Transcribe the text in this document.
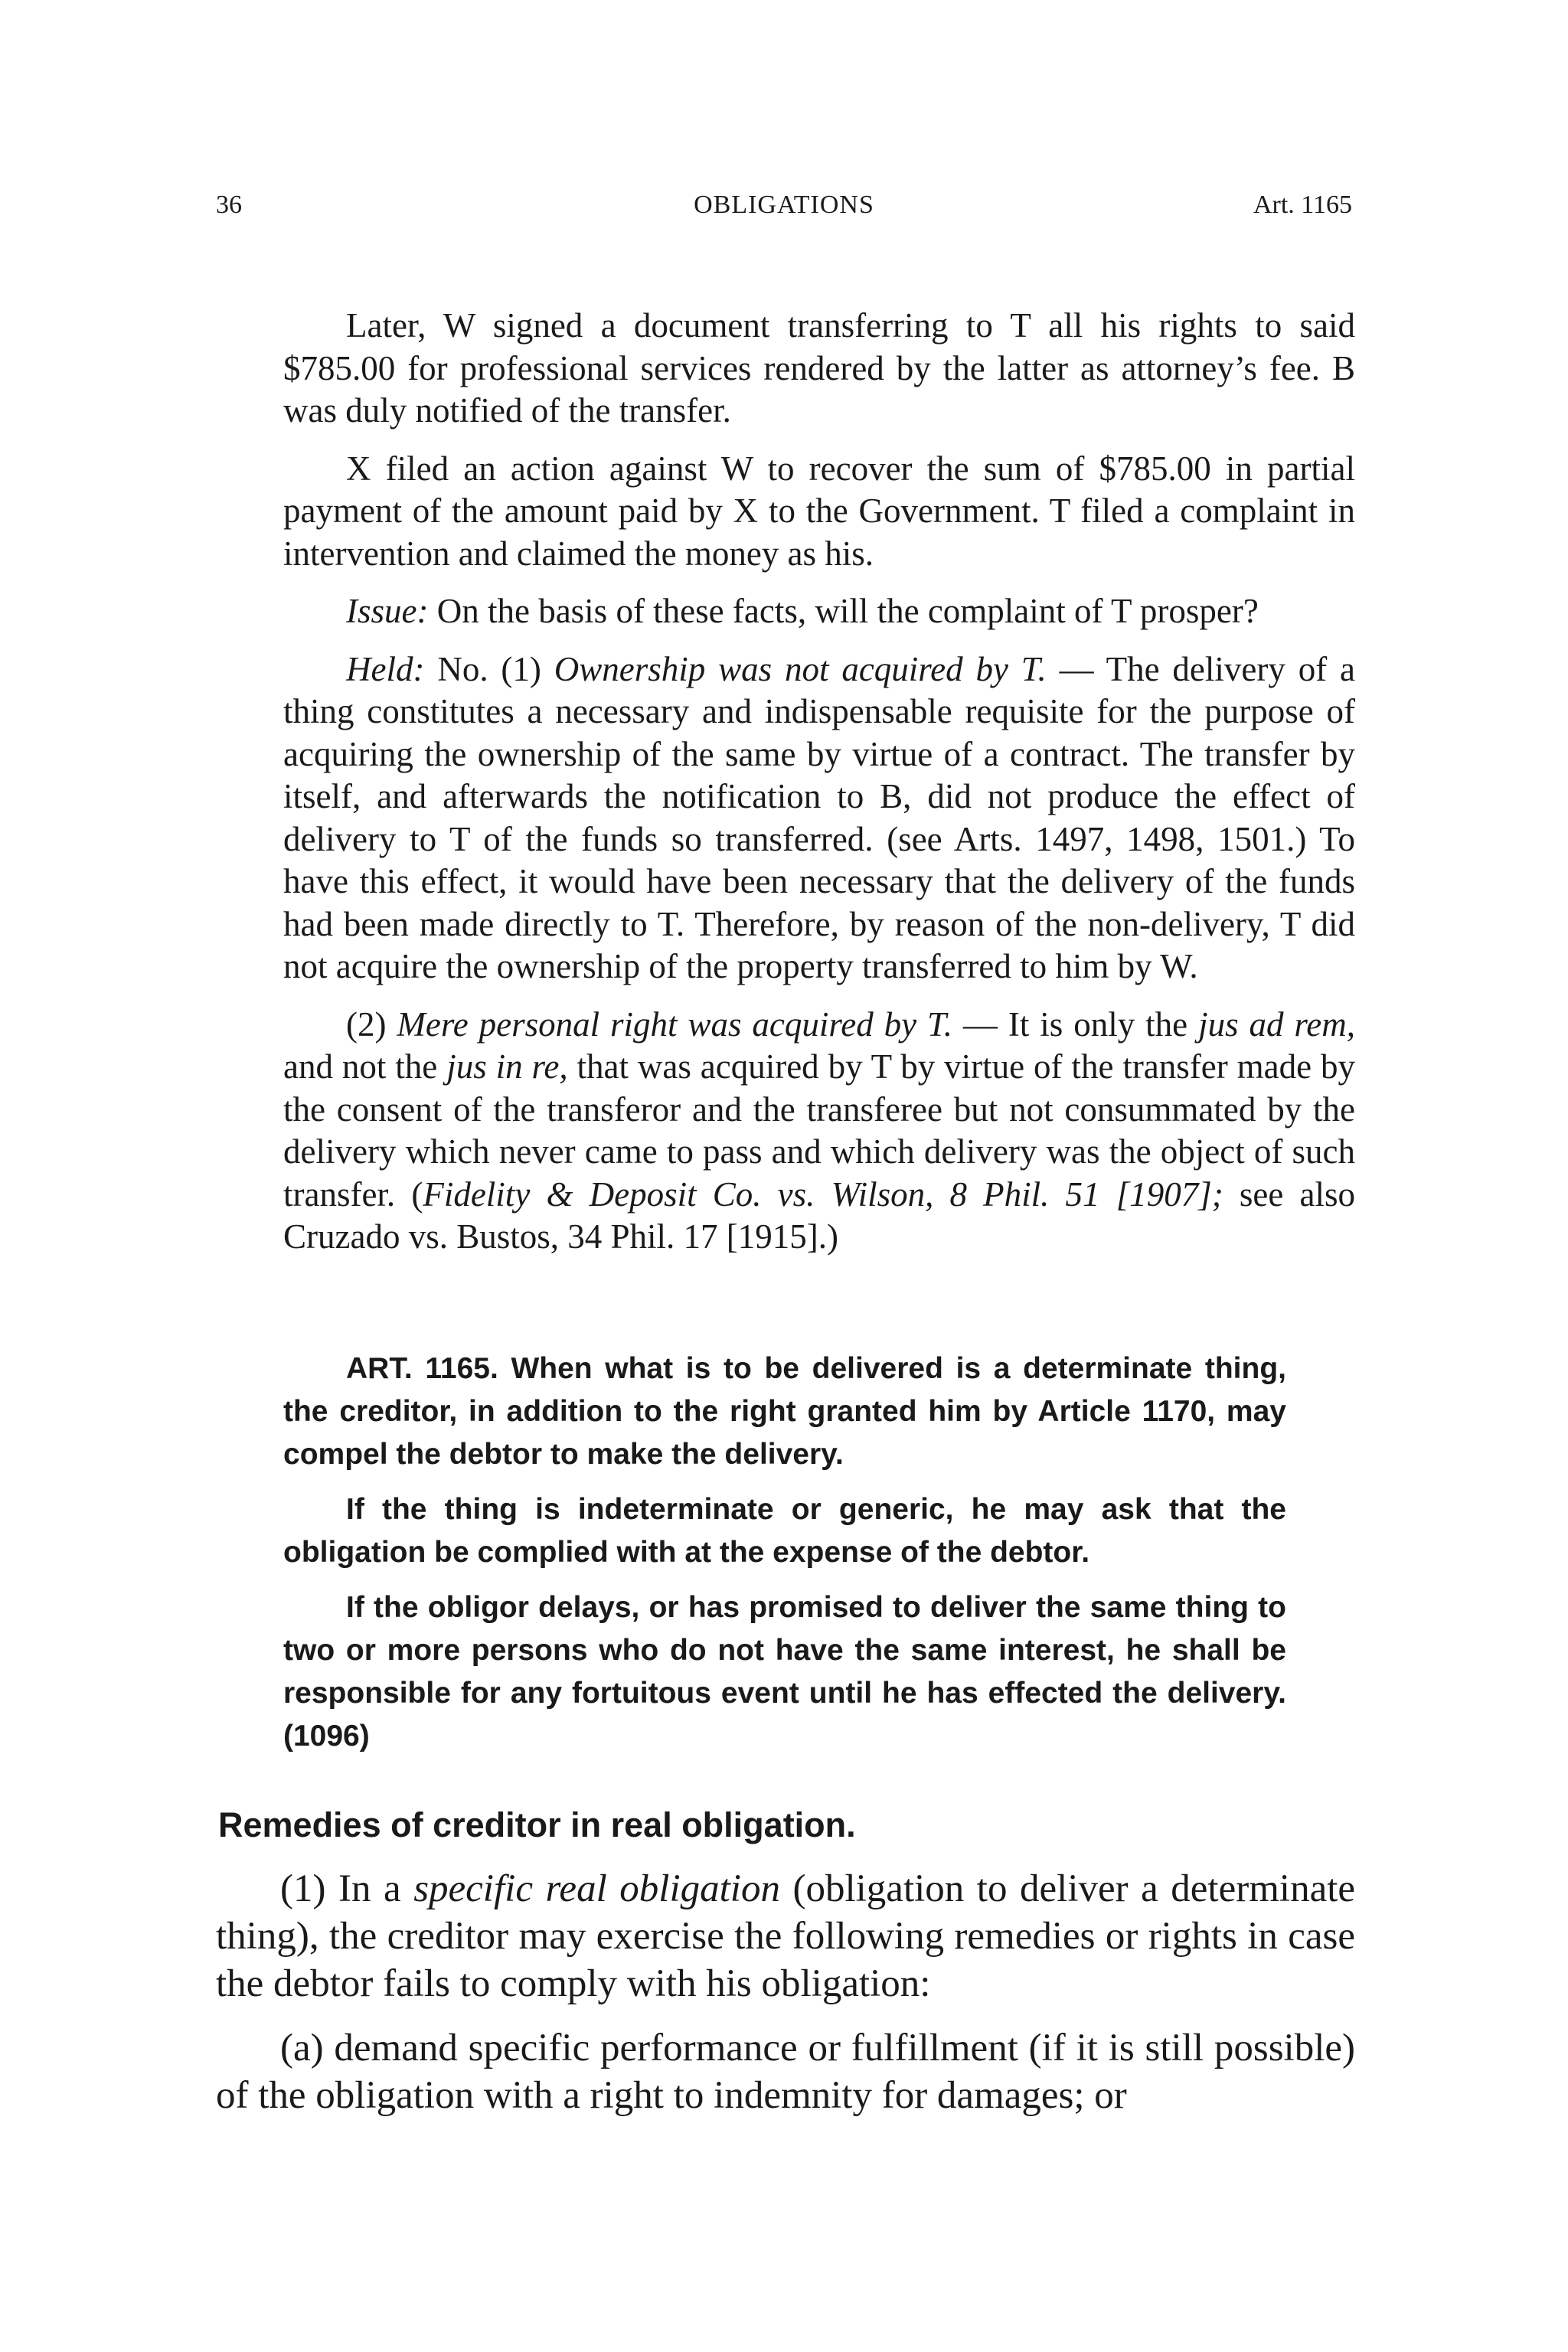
36	OBLIGATIONS	Art. 1165

Later, W signed a document transferring to T all his rights to said $785.00 for professional services rendered by the latter as attorney’s fee. B was duly notified of the transfer.

X filed an action against W to recover the sum of $785.00 in partial payment of the amount paid by X to the Government. T filed a complaint in intervention and claimed the money as his.

Issue: On the basis of these facts, will the complaint of T prosper?

Held: No. (1) Ownership was not acquired by T. — The delivery of a thing constitutes a necessary and indispensable requisite for the purpose of acquiring the ownership of the same by virtue of a contract. The transfer by itself, and afterwards the notification to B, did not produce the effect of delivery to T of the funds so transferred. (see Arts. 1497, 1498, 1501.) To have this effect, it would have been necessary that the delivery of the funds had been made directly to T. Therefore, by reason of the non-delivery, T did not acquire the ownership of the property transferred to him by W.

(2) Mere personal right was acquired by T. — It is only the jus ad rem, and not the jus in re, that was acquired by T by virtue of the transfer made by the consent of the transferor and the transferee but not consummated by the delivery which never came to pass and which delivery was the object of such transfer. (Fidelity & Deposit Co. vs. Wilson, 8 Phil. 51 [1907]; see also Cruzado vs. Bustos, 34 Phil. 17 [1915].)

ART. 1165. When what is to be delivered is a determinate thing, the creditor, in addition to the right granted him by Article 1170, may compel the debtor to make the delivery.

If the thing is indeterminate or generic, he may ask that the obligation be complied with at the expense of the debtor.

If the obligor delays, or has promised to deliver the same thing to two or more persons who do not have the same interest, he shall be responsible for any fortuitous event until he has effected the delivery. (1096)

Remedies of creditor in real obligation.

(1) In a specific real obligation (obligation to deliver a determinate thing), the creditor may exercise the following remedies or rights in case the debtor fails to comply with his obligation:

(a) demand specific performance or fulfillment (if it is still possible) of the obligation with a right to indemnity for damages; or
